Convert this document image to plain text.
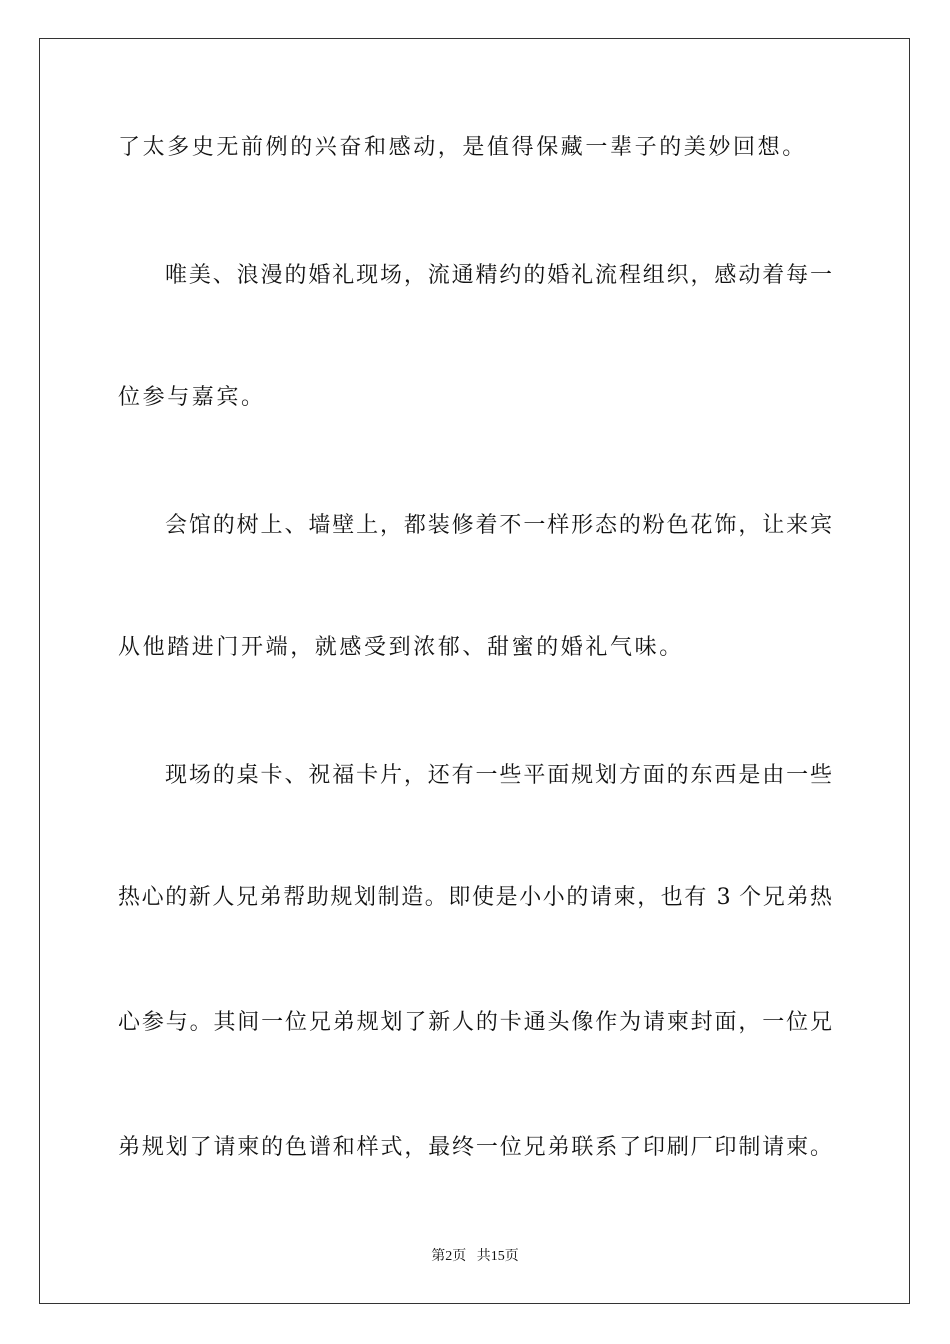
了太多史无前例的兴奋和感动，是值得保藏一辈子的美妙回想。
唯美、浪漫的婚礼现场，流通精约的婚礼流程组织，感动着每一
位参与嘉宾。
会馆的树上、墙壁上，都装修着不一样形态的粉色花饰，让来宾
从他踏进门开端，就感受到浓郁、甜蜜的婚礼气味。
现场的桌卡、祝福卡片，还有一些平面规划方面的东西是由一些
热心的新人兄弟帮助规划制造。即使是小小的请柬，也有 3 个兄弟热
心参与。其间一位兄弟规划了新人的卡通头像作为请柬封面，一位兄
弟规划了请柬的色谱和样式，最终一位兄弟联系了印刷厂印制请柬。
第2页   共15页
